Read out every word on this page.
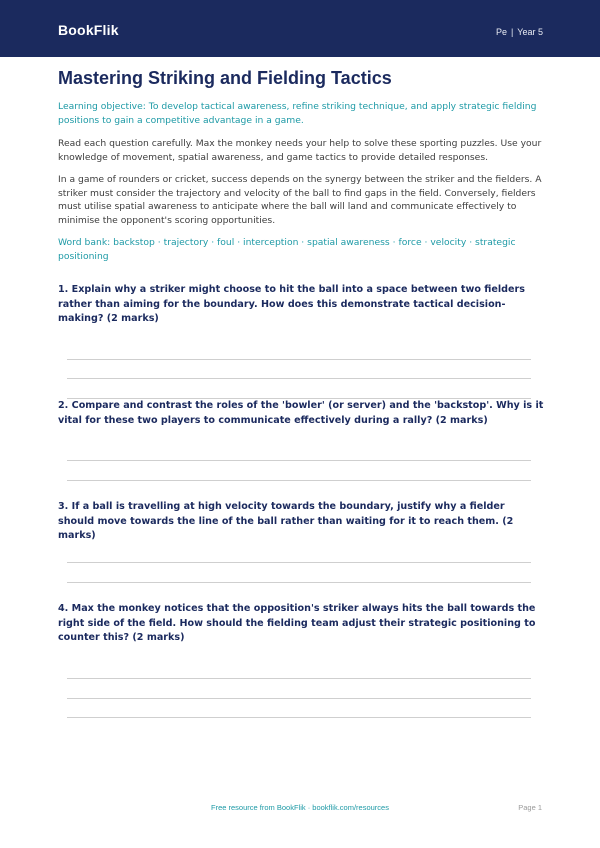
BookFlik	Pe | Year 5
Mastering Striking and Fielding Tactics

Learning objective: To develop tactical awareness, refine striking technique, and apply strategic fielding positions to gain a competitive advantage in a game.

Read each question carefully. Max the monkey needs your help to solve these sporting puzzles. Use your knowledge of movement, spatial awareness, and game tactics to provide detailed responses.

In a game of rounders or cricket, success depends on the synergy between the striker and the fielders. A striker must consider the trajectory and velocity of the ball to find gaps in the field. Conversely, fielders must utilise spatial awareness to anticipate where the ball will land and communicate effectively to minimise the opponent's scoring opportunities.

Word bank: backstop · trajectory · foul · interception · spatial awareness · force · velocity · strategic positioning

1. Explain why a striker might choose to hit the ball into a space between two fielders rather than aiming for the boundary. How does this demonstrate tactical decision-making? (2 marks)
2. Compare and contrast the roles of the 'bowler' (or server) and the 'backstop'. Why is it vital for these two players to communicate effectively during a rally? (2 marks)
3. If a ball is travelling at high velocity towards the boundary, justify why a fielder should move towards the line of the ball rather than waiting for it to reach them. (2 marks)
4. Max the monkey notices that the opposition's striker always hits the ball towards the right side of the field. How should the fielding team adjust their strategic positioning to counter this? (2 marks)
Free resource from BookFlik · bookflik.com/resources	Page 1
